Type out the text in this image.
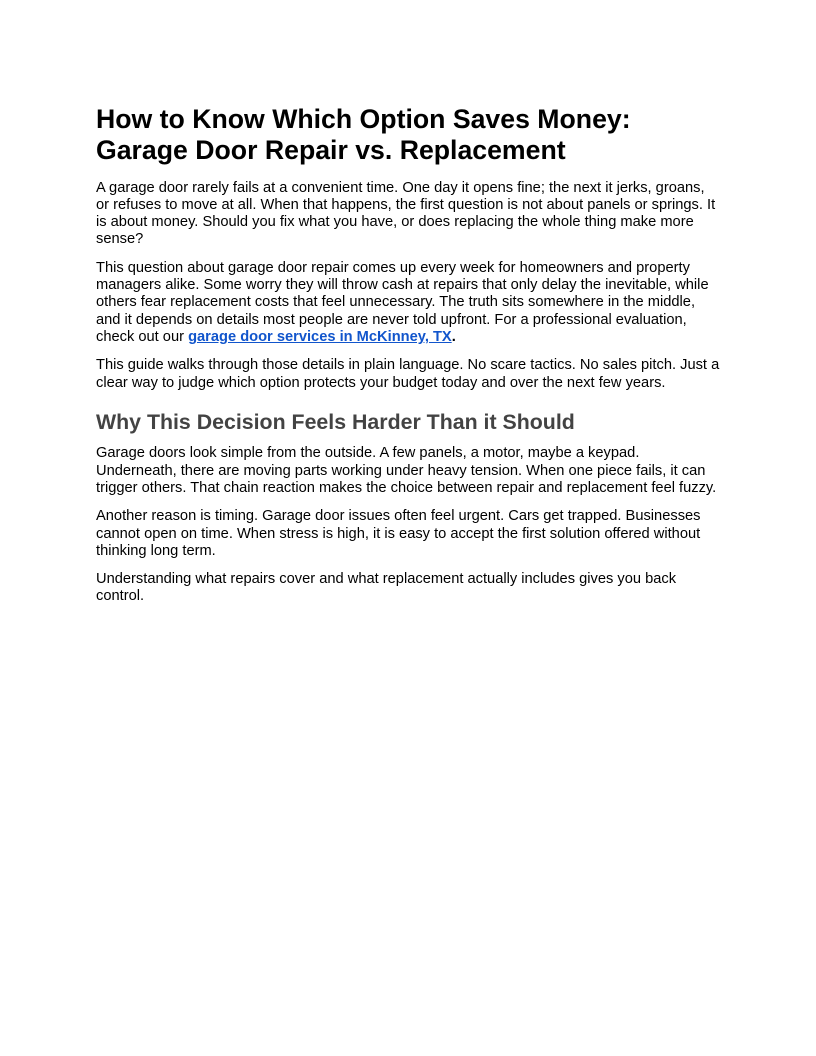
How to Know Which Option Saves Money:
Garage Door Repair vs. Replacement

A garage door rarely fails at a convenient time. One day it opens fine; the next it jerks, groans, or refuses to move at all. When that happens, the first question is not about panels or springs. It is about money. Should you fix what you have, or does replacing the whole thing make more sense?

This question about garage door repair comes up every week for homeowners and property managers alike. Some worry they will throw cash at repairs that only delay the inevitable, while others fear replacement costs that feel unnecessary. The truth sits somewhere in the middle, and it depends on details most people are never told upfront. For a professional evaluation, check out our garage door services in McKinney, TX.

This guide walks through those details in plain language. No scare tactics. No sales pitch. Just a clear way to judge which option protects your budget today and over the next few years.

Why This Decision Feels Harder Than it Should

Garage doors look simple from the outside. A few panels, a motor, maybe a keypad. Underneath, there are moving parts working under heavy tension. When one piece fails, it can trigger others. That chain reaction makes the choice between repair and replacement feel fuzzy.

Another reason is timing. Garage door issues often feel urgent. Cars get trapped. Businesses cannot open on time. When stress is high, it is easy to accept the first solution offered without thinking long term.

Understanding what repairs cover and what replacement actually includes gives you back control.
